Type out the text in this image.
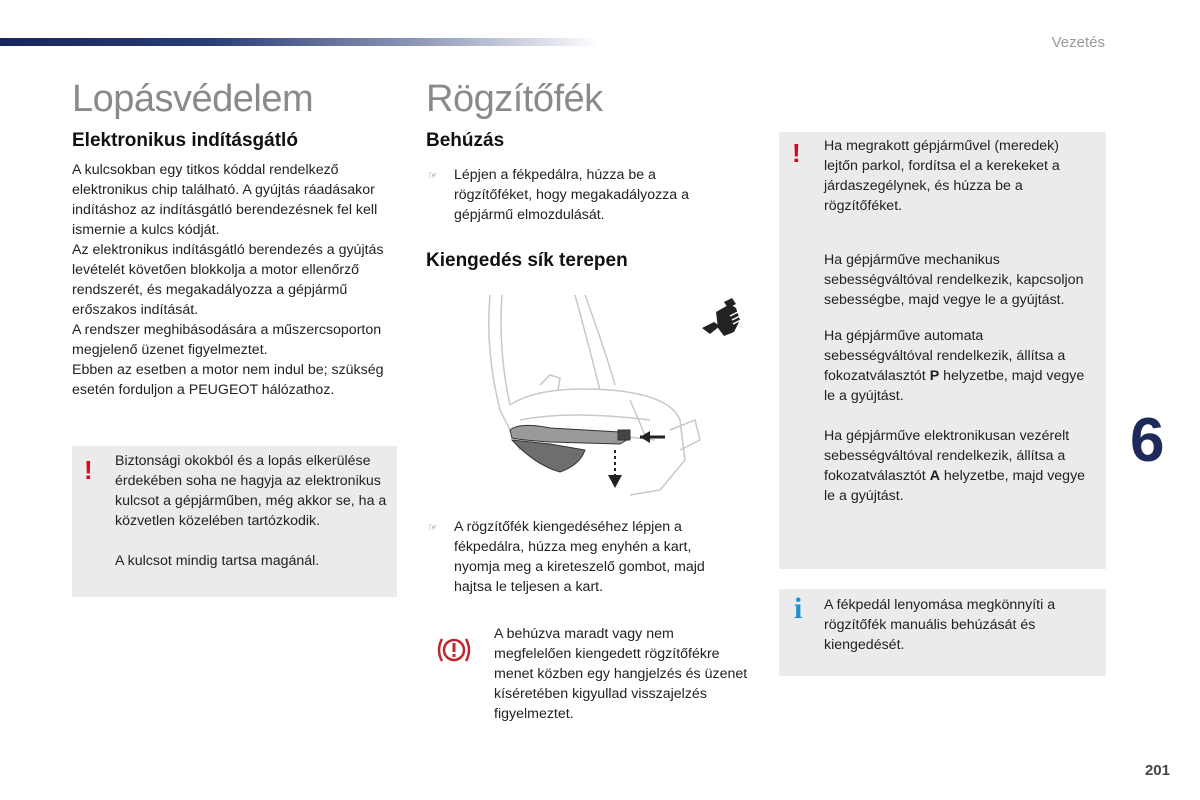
Vezetés
6
201
Lopásvédelem
Elektronikus indításgátló

A kulcsokban egy titkos kóddal rendelkező elektronikus chip található. A gyújtás ráadásakor indításhoz az indításgátló berendezésnek fel kell ismernie a kulcs kódját.

Az elektronikus indításgátló berendezés a gyújtás levételét követően blokkolja a motor ellenőrző rendszerét, és megakadályozza a gépjármű erőszakos indítását.

A rendszer meghibásodására a műszercsoporton megjelenő üzenet figyelmeztet.

Ebben az esetben a motor nem indul be; szükség esetén forduljon a PEUGEOT hálózathoz.

! Biztonsági okokból és a lopás elkerülése érdekében soha ne hagyja az elektronikus kulcsot a gépjárműben, még akkor se, ha a közvetlen közelében tartózkodik.

A kulcsot mindig tartsa magánál.

Rögzítőfék
Behúzás
☞ Lépjen a fékpedálra, húzza be a rögzítőféket, hogy megakadályozza a gépjármű elmozdulását.
Kiengedés sík terepen
☞ A rögzítőfék kiengedéséhez lépjen a fékpedálra, húzza meg enyhén a kart, nyomja meg a kireteszelő gombot, majd hajtsa le teljesen a kart.
A behúzva maradt vagy nem megfelelően kiengedett rögzítőfékre menet közben egy hangjelzés és üzenet kíséretében kigyullad visszajelzés figyelmeztet.
! Ha megrakott gépjárművel (meredek) lejtőn parkol, fordítsa el a kerekeket a járdaszegélynek, és húzza be a rögzítőféket.

Ha gépjárműve mechanikus sebességváltóval rendelkezik, kapcsoljon sebességbe, majd vegye le a gyújtást.

Ha gépjárműve automata sebességváltóval rendelkezik, állítsa a fokozatválasztót P helyzetbe, majd vegye le a gyújtást.

Ha gépjárműve elektronikusan vezérelt sebességváltóval rendelkezik, állítsa a fokozatválasztót A helyzetbe, majd vegye le a gyújtást.

i A fékpedál lenyomása megkönnyíti a rögzítőfék manuális behúzását és kiengedését.
